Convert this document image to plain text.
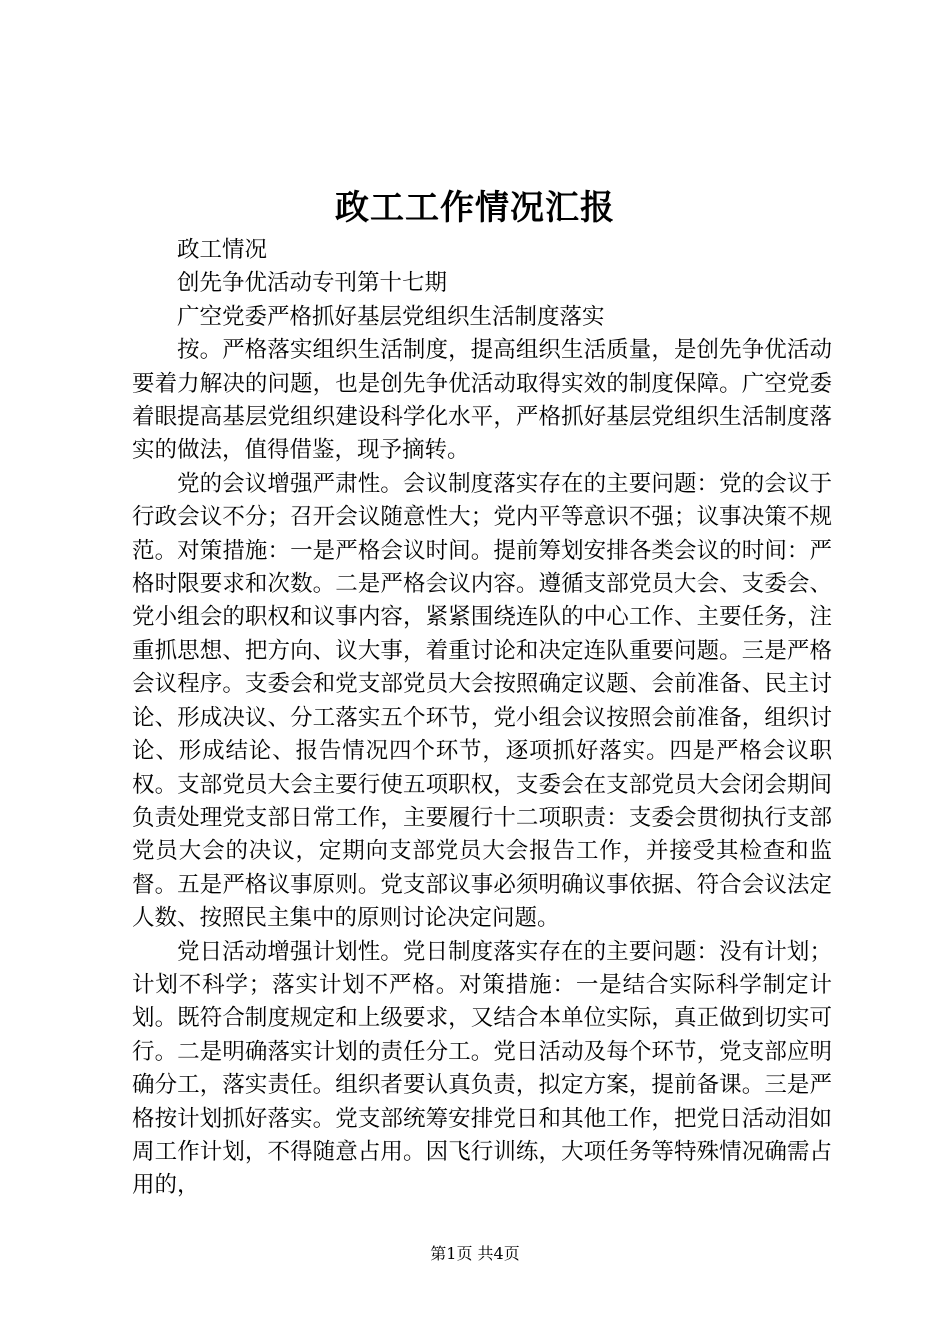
政工工作情况汇报

政工情况

创先争优活动专刊第十七期

广空党委严格抓好基层党组织生活制度落实

按。严格落实组织生活制度，提高组织生活质量，是创先争优活动要着力解决的问题，也是创先争优活动取得实效的制度保障。广空党委着眼提高基层党组织建设科学化水平，严格抓好基层党组织生活制度落实的做法，值得借鉴，现予摘转。

党的会议增强严肃性。会议制度落实存在的主要问题：党的会议于行政会议不分；召开会议随意性大；党内平等意识不强；议事决策不规范。对策措施：一是严格会议时间。提前筹划安排各类会议的时间：严格时限要求和次数。二是严格会议内容。遵循支部党员大会、支委会、党小组会的职权和议事内容，紧紧围绕连队的中心工作、主要任务，注重抓思想、把方向、议大事，着重讨论和决定连队重要问题。三是严格会议程序。支委会和党支部党员大会按照确定议题、会前准备、民主讨论、形成决议、分工落实五个环节，党小组会议按照会前准备，组织讨论、形成结论、报告情况四个环节，逐项抓好落实。四是严格会议职权。支部党员大会主要行使五项职权，支委会在支部党员大会闭会期间负责处理党支部日常工作，主要履行十二项职责：支委会贯彻执行支部党员大会的决议，定期向支部党员大会报告工作，并接受其检查和监督。五是严格议事原则。党支部议事必须明确议事依据、符合会议法定人数、按照民主集中的原则讨论决定问题。

党日活动增强计划性。党日制度落实存在的主要问题：没有计划；计划不科学；落实计划不严格。对策措施：一是结合实际科学制定计划。既符合制度规定和上级要求，又结合本单位实际，真正做到切实可行。二是明确落实计划的责任分工。党日活动及每个环节，党支部应明确分工，落实责任。组织者要认真负责，拟定方案，提前备课。三是严格按计划抓好落实。党支部统筹安排党日和其他工作，把党日活动泪如周工作计划，不得随意占用。因飞行训练，大项任务等特殊情况确需占用的，

第1页 共4页
